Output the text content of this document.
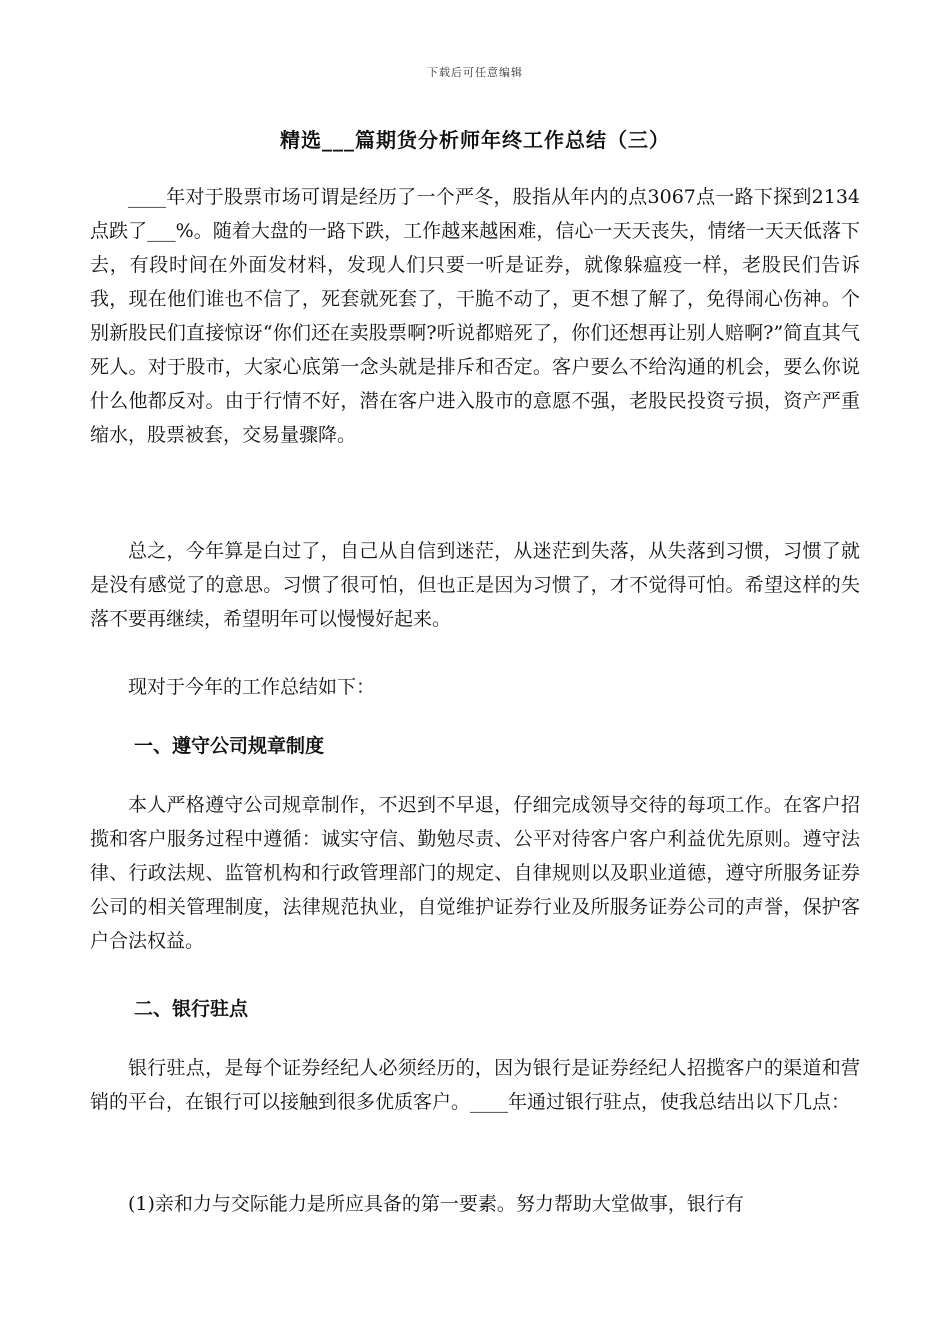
下载后可任意编辑
精选___篇期货分析师年终工作总结（三）

____年对于股票市场可谓是经历了一个严冬，股指从年内的点3067点一路下探到2134点跌了___%。随着大盘的一路下跌，工作越来越困难，信心一天天丧失，情绪一天天低落下去，有段时间在外面发材料，发现人们只要一听是证券，就像躲瘟疫一样，老股民们告诉我，现在他们谁也不信了，死套就死套了，干脆不动了，更不想了解了，免得闹心伤神。个别新股民们直接惊讶“你们还在卖股票啊?听说都赔死了，你们还想再让别人赔啊?”简直其气死人。对于股市，大家心底第一念头就是排斥和否定。客户要么不给沟通的机会，要么你说什么他都反对。由于行情不好，潜在客户进入股市的意愿不强，老股民投资亏损，资产严重缩水，股票被套，交易量骤降。

总之，今年算是白过了，自己从自信到迷茫，从迷茫到失落，从失落到习惯，习惯了就是没有感觉了的意思。习惯了很可怕，但也正是因为习惯了，才不觉得可怕。希望这样的失落不要再继续，希望明年可以慢慢好起来。

现对于今年的工作总结如下：

一、遵守公司规章制度

本人严格遵守公司规章制作，不迟到不早退，仔细完成领导交待的每项工作。在客户招揽和客户服务过程中遵循：诚实守信、勤勉尽责、公平对待客户客户利益优先原则。遵守法律、行政法规、监管机构和行政管理部门的规定、自律规则以及职业道德，遵守所服务证券公司的相关管理制度，法律规范执业，自觉维护证券行业及所服务证券公司的声誉，保护客户合法权益。

二、银行驻点

银行驻点，是每个证券经纪人必须经历的，因为银行是证券经纪人招揽客户的渠道和营销的平台，在银行可以接触到很多优质客户。____年通过银行驻点，使我总结出以下几点：

(1)亲和力与交际能力是所应具备的第一要素。努力帮助大堂做事，银行有
